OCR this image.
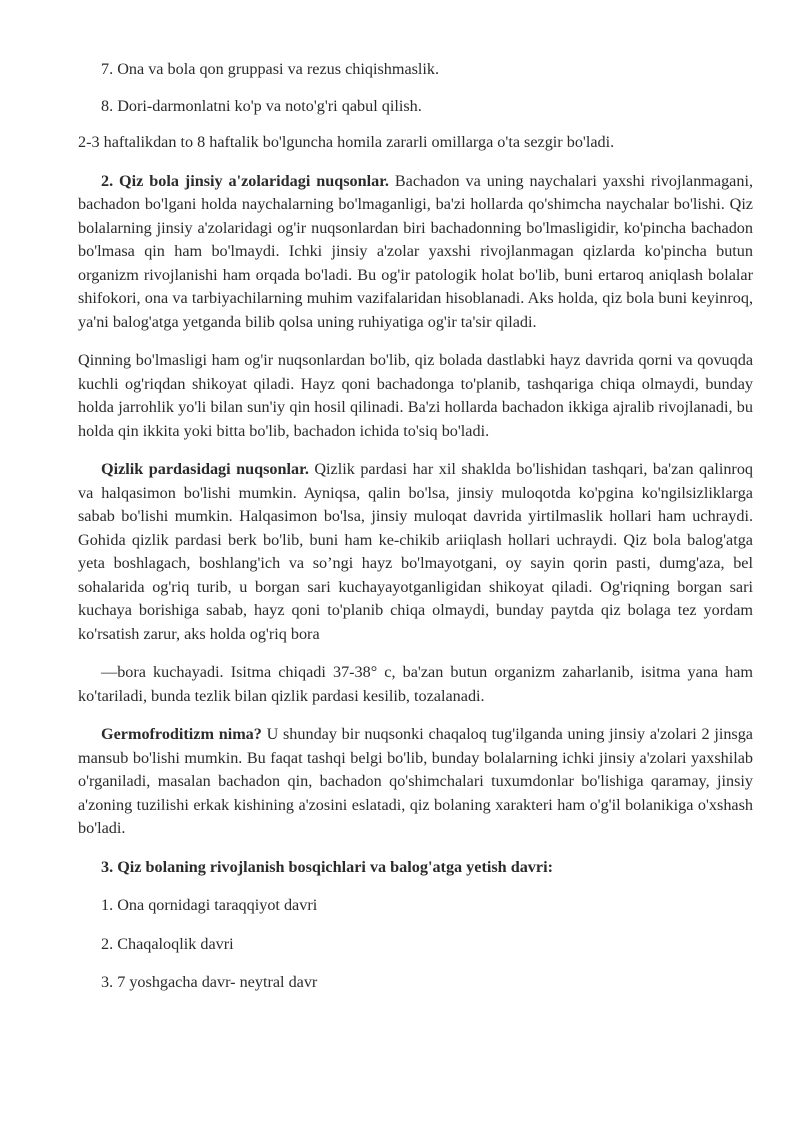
7. Ona va bola qon gruppasi va rezus chiqishmaslik.

8. Dori-darmonlatni ko'p va noto'g'ri qabul qilish.

2-3 haftalikdan to 8 haftalik bo'lguncha homila zararli omillarga o'ta sezgir bo'ladi.

2. Qiz bola jinsiy a'zolaridagi nuqsonlar. Bachadon va uning naychalari yaxshi rivojlanmagani, bachadon bo'lgani holda naychalarning bo'lmaganligi, ba'zi hollarda qo'shimcha naychalar bo'lishi. Qiz bolalarning jinsiy a'zolaridagi og'ir nuqsonlardan biri bachadonning bo'lmasligidir, ko'pincha bachadon bo'lmasa qin ham bo'lmaydi. Ichki jinsiy a'zolar yaxshi rivojlanmagan qizlarda ko'pincha butun organizm rivojlanishi ham orqada bo'ladi. Bu og'ir patologik holat bo'lib, buni ertaroq aniqlash bolalar shifokori, ona va tarbiyachilarning muhim vazifalaridan hisoblanadi. Aks holda, qiz bola buni keyinroq, ya'ni balog'atga yetganda bilib qolsa uning ruhiyatiga og'ir ta'sir qiladi.

Qinning bo'lmasligi ham og'ir nuqsonlardan bo'lib, qiz bolada dastlabki hayz davrida qorni va qovuqda kuchli og'riqdan shikoyat qiladi. Hayz qoni bachadonga to'planib, tashqariga chiqa olmaydi, bunday holda jarrohlik yo'li bilan sun'iy qin hosil qilinadi. Ba'zi hollarda bachadon ikkiga ajralib rivojlanadi, bu holda qin ikkita yoki bitta bo'lib, bachadon ichida to'siq bo'ladi.

Qizlik pardasidagi nuqsonlar. Qizlik pardasi har xil shaklda bo'lishidan tashqari, ba'zan qalinroq va halqasimon bo'lishi mumkin. Ayniqsa, qalin bo'lsa, jinsiy muloqotda ko'pgina ko'ngilsizliklarga sabab bo'lishi mumkin. Halqasimon bo'lsa, jinsiy muloqat davrida yirtilmaslik hollari ham uchraydi. Gohida qizlik pardasi berk bo'lib, buni ham ke-chikib ariiqlash hollari uchraydi. Qiz bola balog'atga yeta boshlagach, boshlang'ich va so’ngi hayz bo'lmayotgani, oy sayin qorin pasti, dumg'aza, bel sohalarida og'riq turib, u borgan sari kuchayayotganligidan shikoyat qiladi. Og'riqning borgan sari kuchaya borishiga sabab, hayz qoni to'planib chiqa olmaydi, bunday paytda qiz bolaga tez yordam ko'rsatish zarur, aks holda og'riq bora

—bora kuchayadi. Isitma chiqadi 37-38° c, ba'zan butun organizm zaharlanib, isitma yana ham ko'tariladi, bunda tezlik bilan qizlik pardasi kesilib, tozalanadi.

Germofroditizm nima? U shunday bir nuqsonki chaqaloq tug'ilganda uning jinsiy a'zolari 2 jinsga mansub bo'lishi mumkin. Bu faqat tashqi belgi bo'lib, bunday bolalarning ichki jinsiy a'zolari yaxshilab o'rganiladi, masalan bachadon qin, bachadon qo'shimchalari tuxumdonlar bo'lishiga qaramay, jinsiy a'zoning tuzilishi erkak kishining a'zosini eslatadi, qiz bolaning xarakteri ham o'g'il bolanikiga o'xshash bo'ladi.

3. Qiz bolaning rivojlanish bosqichlari va balog'atga yetish davri:

1. Ona qornidagi taraqqiyot davri

2. Chaqaloqlik davri

3. 7 yoshgacha davr- neytral davr
